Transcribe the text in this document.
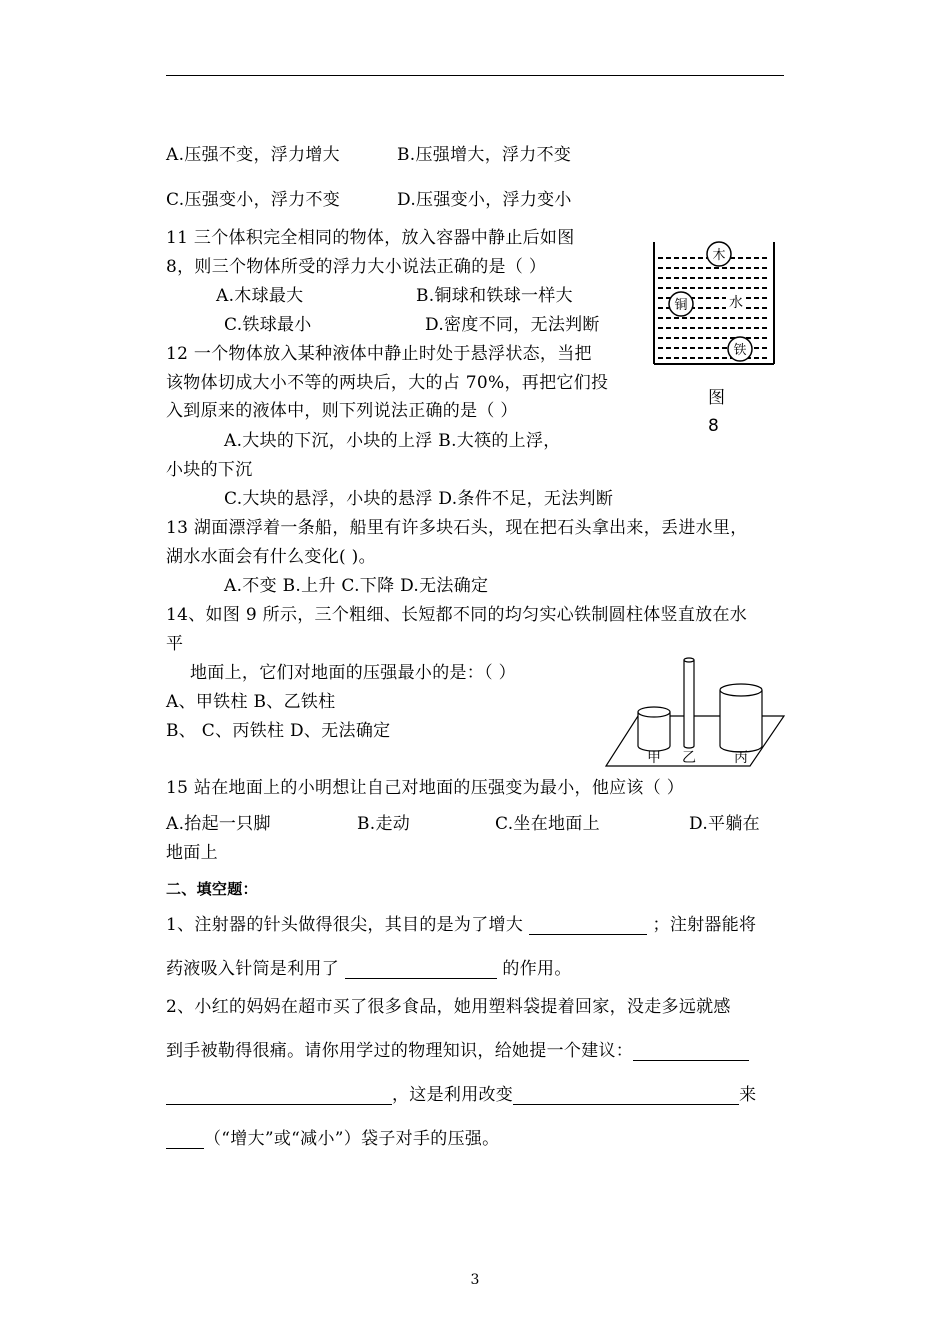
A.压强不变，浮力增大	B.压强增大，浮力不变
C.压强变小，浮力不变	D.压强变小，浮力变小
11 三个体积完全相同的物体，放入容器中静止后如图
8，则三个物体所受的浮力大小说法正确的是（ ）
A.木球最大	B.铜球和铁球一样大
C.铁球最小	D.密度不同，无法判断
木
铜	水
铁
图
8
12 一个物体放入某种液体中静止时处于悬浮状态，当把
该物体切成大小不等的两块后，大的占 70%，再把它们投
入到原来的液体中，则下列说法正确的是（ ）
A.大块的下沉，小块的上浮 B.大筷的上浮，
小块的下沉
C.大块的悬浮，小块的悬浮 D.条件不足，无法判断
13 湖面漂浮着一条船，船里有许多块石头，现在把石头拿出来，丢进水里，
湖水水面会有什么变化( )。
A.不变 B.上升 C.下降 D.无法确定
14、如图 9 所示，三个粗细、长短都不同的均匀实心铁制圆柱体竖直放在水
平
地面上，它们对地面的压强最小的是：（ ）
A、甲铁柱 B、乙铁柱
B、 C、丙铁柱 D、无法确定
甲 乙	丙
15 站在地面上的小明想让自己对地面的压强变为最小，他应该（ ）
A.抬起一只脚	B.走动	C.坐在地面上	D.平躺在
地面上
二、填空题：
1、注射器的针头做得很尖，其目的是为了增大	；注射器能将
药液吸入针筒是利用了	的作用。
2、小红的妈妈在超市买了很多食品，她用塑料袋提着回家，没走多远就感
到手被勒得很痛。请你用学过的物理知识，给她提一个建议：
，这是利用改变	来
（“增大”或“减小”）袋子对手的压强。
3
